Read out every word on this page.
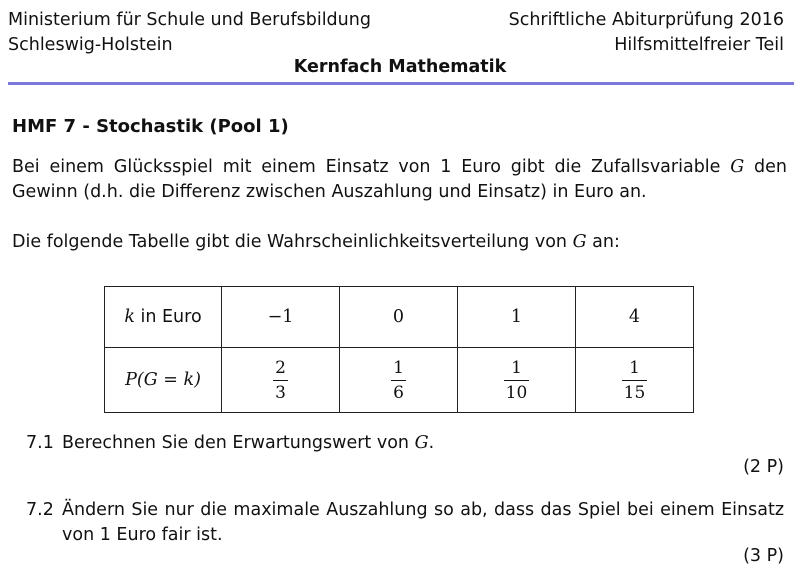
Ministerium für Schule und Berufsbildung
Schleswig-Holstein
Schriftliche Abiturprüfung 2016
Hilfsmittelfreier Teil
Kernfach Mathematik
HMF 7 - Stochastik (Pool 1)
Bei einem Glücksspiel mit einem Einsatz von 1 Euro gibt die Zufallsvariable G den Gewinn (d.h. die Differenz zwischen Auszahlung und Einsatz) in Euro an.
Die folgende Tabelle gibt die Wahrscheinlichkeitsverteilung von G an:
k in Euro	−1	0	1	4
P(G = k)	$\frac{2}{3}$	$\frac{1}{6}$	$\frac{1}{10}$	$\frac{1}{15}$
7.1 Berechnen Sie den Erwartungswert von G.
(2 P)
7.2 Ändern Sie nur die maximale Auszahlung so ab, dass das Spiel bei einem Einsatz von 1 Euro fair ist.
(3 P)
